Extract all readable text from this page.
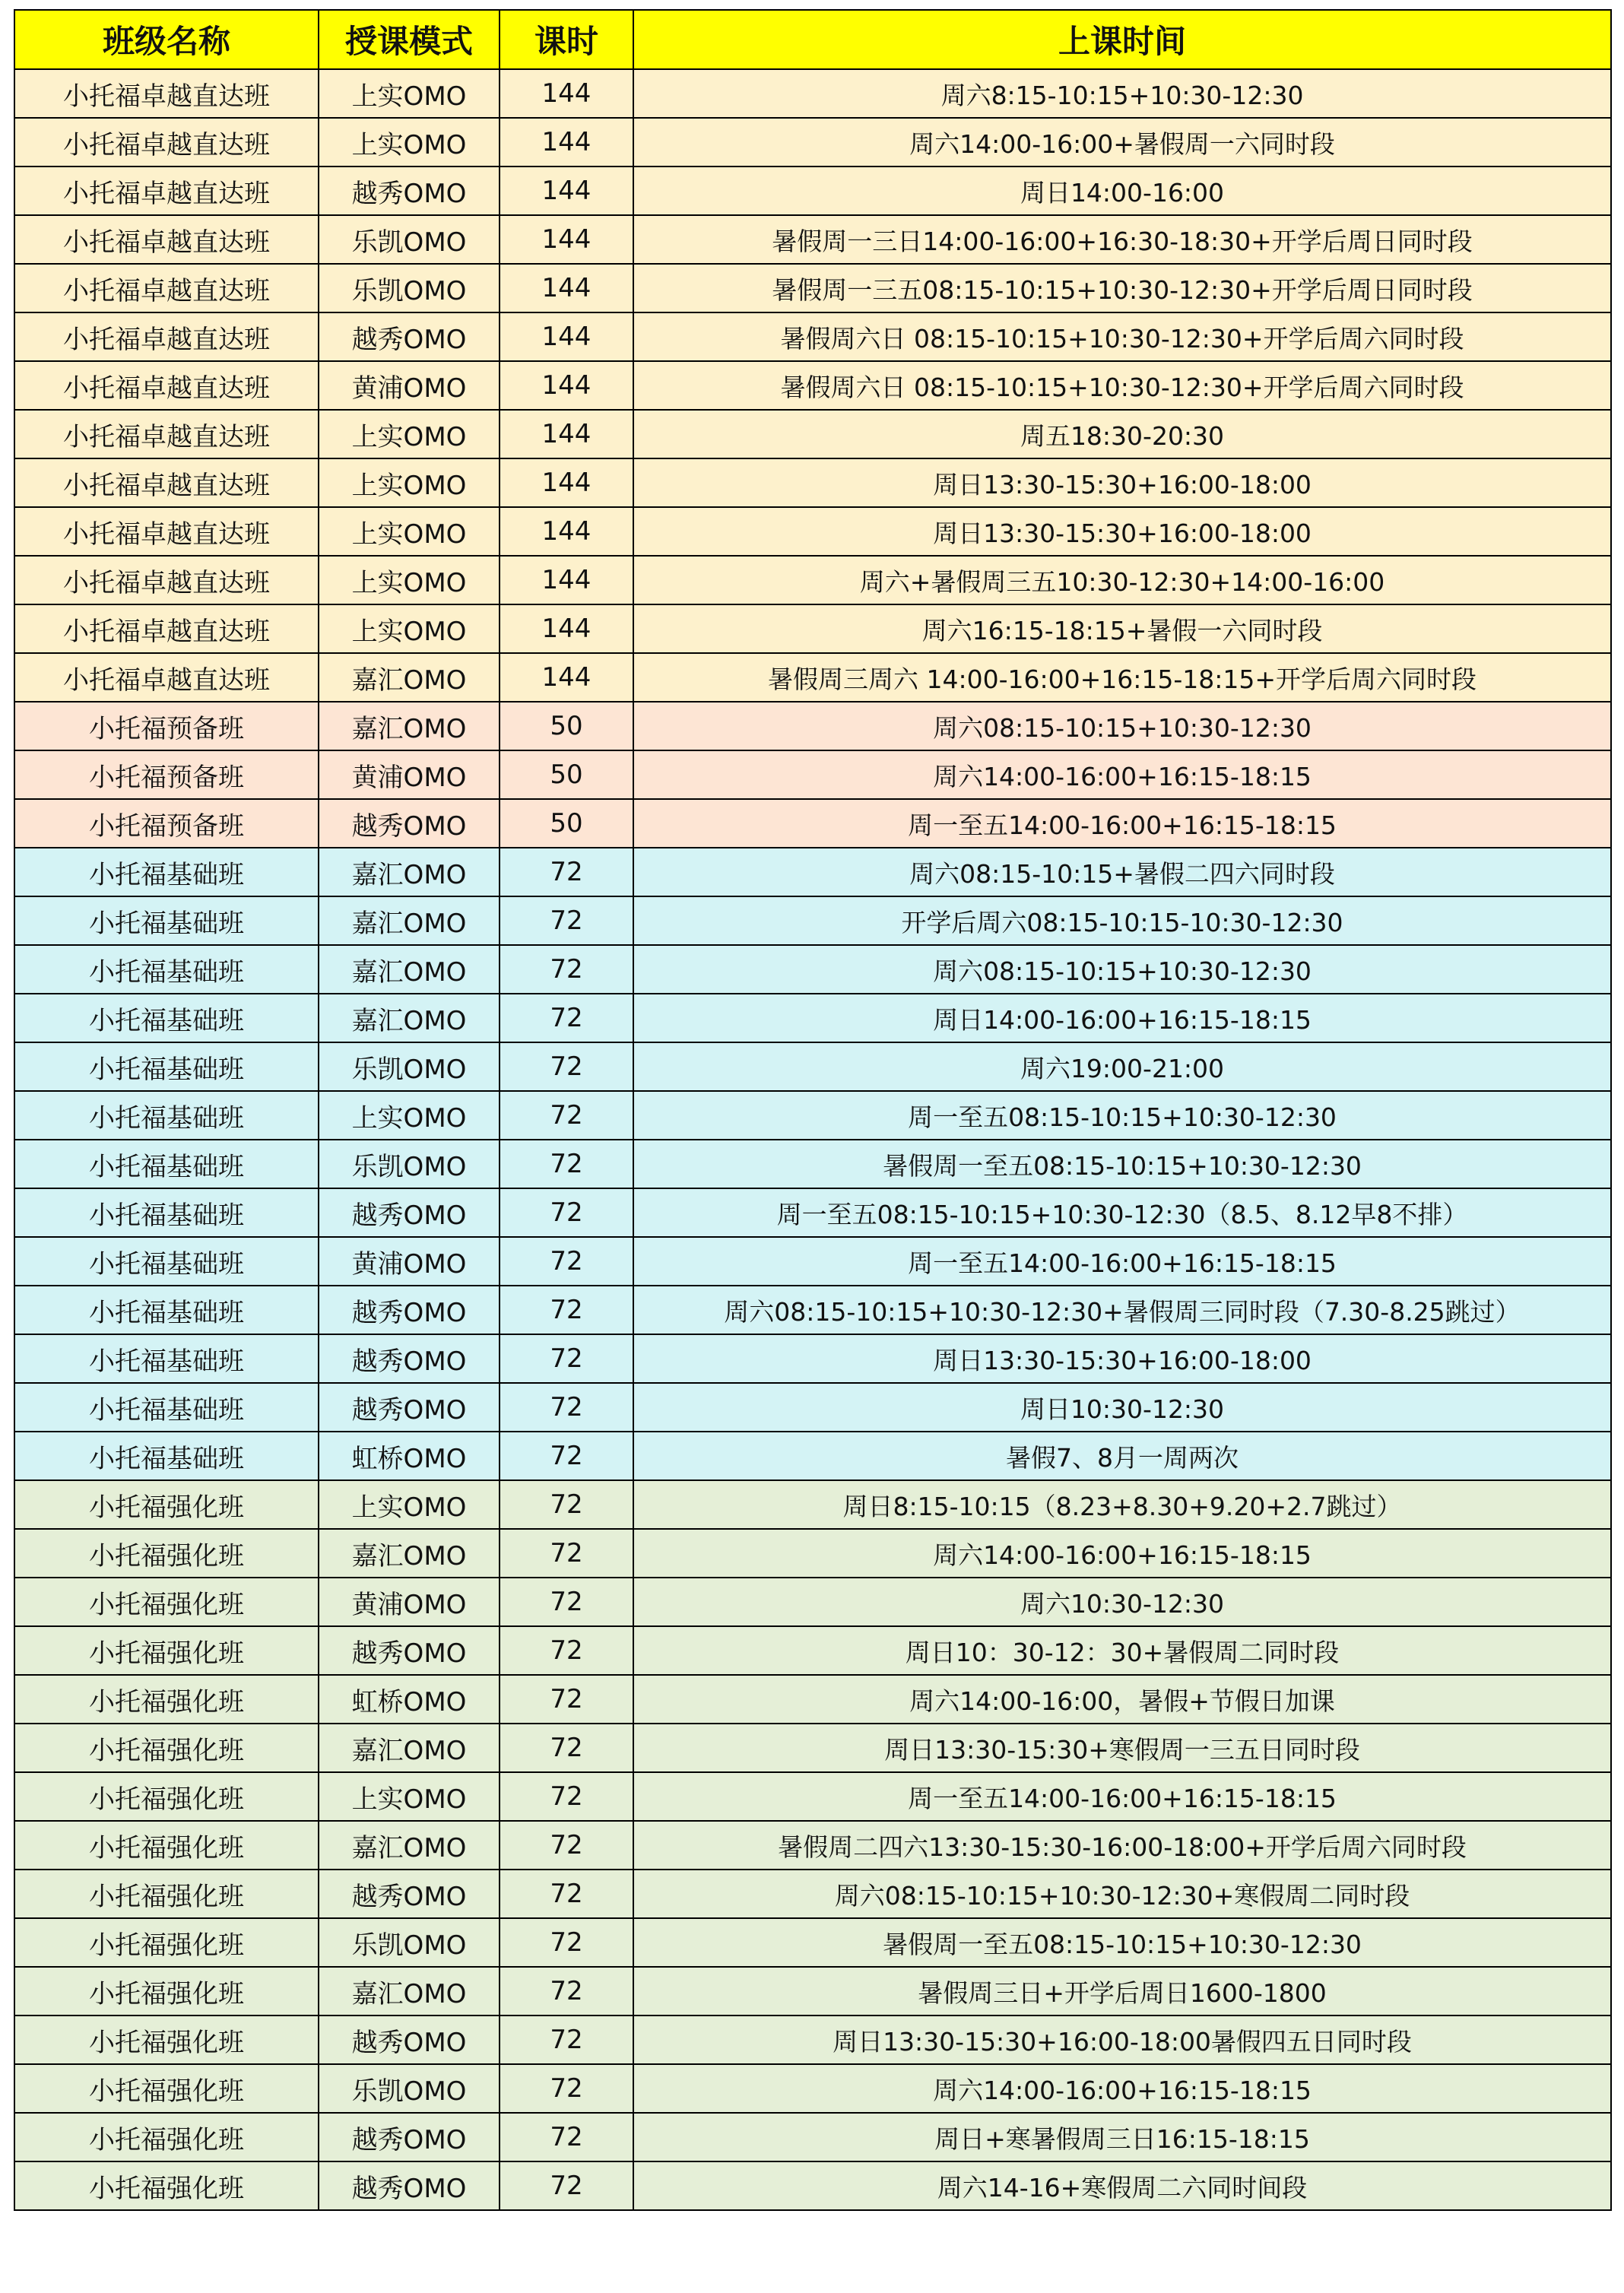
班级名称	授课模式	课时	上课时间
小托福卓越直达班	上实OMO	144	周六8:15-10:15+10:30-12:30
小托福卓越直达班	上实OMO	144	周六14:00-16:00+暑假周一六同时段
小托福卓越直达班	越秀OMO	144	周日14:00-16:00
小托福卓越直达班	乐凯OMO	144	暑假周一三日14:00-16:00+16:30-18:30+开学后周日同时段
小托福卓越直达班	乐凯OMO	144	暑假周一三五08:15-10:15+10:30-12:30+开学后周日同时段
小托福卓越直达班	越秀OMO	144	暑假周六日 08:15-10:15+10:30-12:30+开学后周六同时段
小托福卓越直达班	黄浦OMO	144	暑假周六日 08:15-10:15+10:30-12:30+开学后周六同时段
小托福卓越直达班	上实OMO	144	周五18:30-20:30
小托福卓越直达班	上实OMO	144	周日13:30-15:30+16:00-18:00
小托福卓越直达班	上实OMO	144	周日13:30-15:30+16:00-18:00
小托福卓越直达班	上实OMO	144	周六+暑假周三五10:30-12:30+14:00-16:00
小托福卓越直达班	上实OMO	144	周六16:15-18:15+暑假一六同时段
小托福卓越直达班	嘉汇OMO	144	暑假周三周六 14:00-16:00+16:15-18:15+开学后周六同时段
小托福预备班	嘉汇OMO	50	周六08:15-10:15+10:30-12:30
小托福预备班	黄浦OMO	50	周六14:00-16:00+16:15-18:15
小托福预备班	越秀OMO	50	周一至五14:00-16:00+16:15-18:15
小托福基础班	嘉汇OMO	72	周六08:15-10:15+暑假二四六同时段
小托福基础班	嘉汇OMO	72	开学后周六08:15-10:15-10:30-12:30
小托福基础班	嘉汇OMO	72	周六08:15-10:15+10:30-12:30
小托福基础班	嘉汇OMO	72	周日14:00-16:00+16:15-18:15
小托福基础班	乐凯OMO	72	周六19:00-21:00
小托福基础班	上实OMO	72	周一至五08:15-10:15+10:30-12:30
小托福基础班	乐凯OMO	72	暑假周一至五08:15-10:15+10:30-12:30
小托福基础班	越秀OMO	72	周一至五08:15-10:15+10:30-12:30（8.5、8.12早8不排）
小托福基础班	黄浦OMO	72	周一至五14:00-16:00+16:15-18:15
小托福基础班	越秀OMO	72	周六08:15-10:15+10:30-12:30+暑假周三同时段（7.30-8.25跳过）
小托福基础班	越秀OMO	72	周日13:30-15:30+16:00-18:00
小托福基础班	越秀OMO	72	周日10:30-12:30
小托福基础班	虹桥OMO	72	暑假7、8月一周两次
小托福强化班	上实OMO	72	周日8:15-10:15（8.23+8.30+9.20+2.7跳过）
小托福强化班	嘉汇OMO	72	周六14:00-16:00+16:15-18:15
小托福强化班	黄浦OMO	72	周六10:30-12:30
小托福强化班	越秀OMO	72	周日10：30-12：30+暑假周二同时段
小托福强化班	虹桥OMO	72	周六14:00-16:00，暑假+节假日加课
小托福强化班	嘉汇OMO	72	周日13:30-15:30+寒假周一三五日同时段
小托福强化班	上实OMO	72	周一至五14:00-16:00+16:15-18:15
小托福强化班	嘉汇OMO	72	暑假周二四六13:30-15:30-16:00-18:00+开学后周六同时段
小托福强化班	越秀OMO	72	周六08:15-10:15+10:30-12:30+寒假周二同时段
小托福强化班	乐凯OMO	72	暑假周一至五08:15-10:15+10:30-12:30
小托福强化班	嘉汇OMO	72	暑假周三日+开学后周日1600-1800
小托福强化班	越秀OMO	72	周日13:30-15:30+16:00-18:00暑假四五日同时段
小托福强化班	乐凯OMO	72	周六14:00-16:00+16:15-18:15
小托福强化班	越秀OMO	72	周日+寒暑假周三日16:15-18:15
小托福强化班	越秀OMO	72	周六14-16+寒假周二六同时间段
